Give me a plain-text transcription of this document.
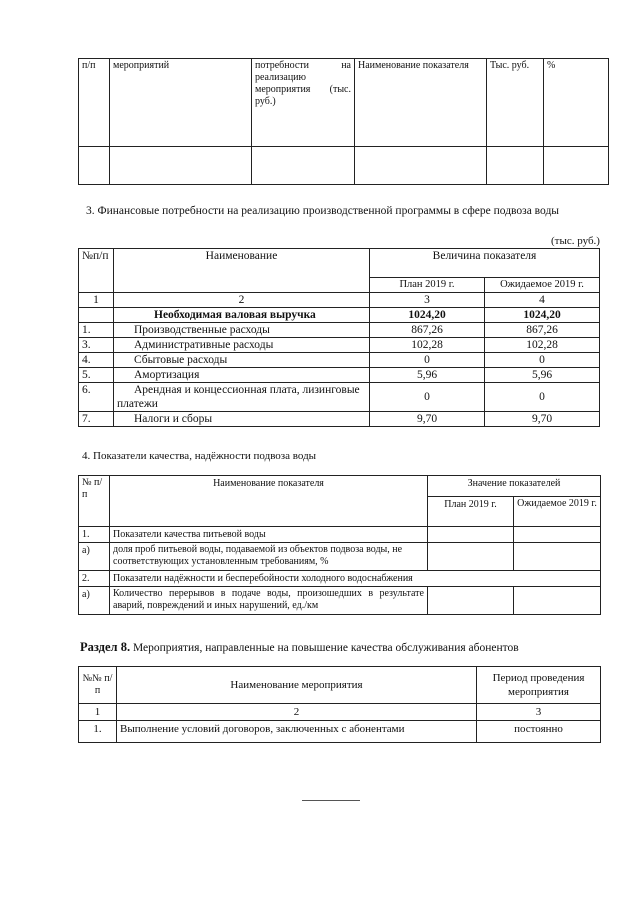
п/п	мероприятий	потребности на реализацию мероприятия (тыс. руб.)	Наименование показателя	Тыс. руб.	%

3. Финансовые потребности на реализацию производственной программы в сфере подвоза воды
(тыс. руб.)
№п/п	Наименование	Величина показателя	
		План 2019 г.	Ожидаемое 2019 г.
1	2	3	4
	Необходимая валовая выручка	1024,20	1024,20
1.	Производственные расходы	867,26	867,26
3.	Административные расходы	102,28	102,28
4.	Сбытовые расходы	0	0
5.	Амортизация	5,96	5,96
6.	Арендная и концессионная плата, лизинговые платежи	0	0
7.	Налоги и сборы	9,70	9,70
4. Показатели качества, надёжности подвоза воды
№ п/п	Наименование показателя	Значение показателей	
		План 2019 г.	Ожидаемое 2019 г.
1.	Показатели качества питьевой воды		
а)	доля проб питьевой воды, подаваемой из объектов подвоза воды, не соответствующих установленным требованиям, %		
2.	Показатели надёжности и бесперебойности холодного водоснабжения		
а)	Количество перерывов в подаче воды, произошедших в результате аварий, повреждений и иных нарушений, ед./км		
Раздел 8. Мероприятия, направленные на повышение качества обслуживания абонентов
№№ п/п	Наименование мероприятия	Период проведения мероприятия
1	2	3
1.	Выполнение условий договоров, заключенных с абонентами	постоянно
